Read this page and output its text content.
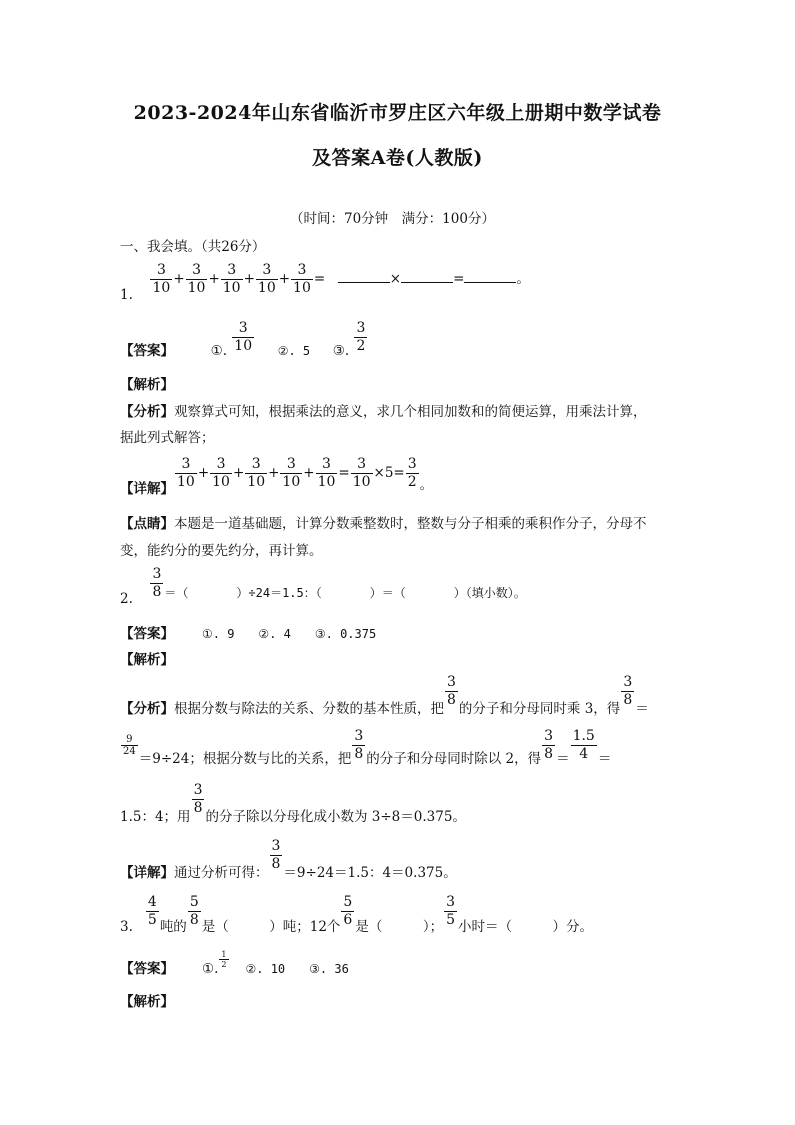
2023-2024年山东省临沂市罗庄区六年级上册期中数学试卷
及答案A卷(人教版)
（时间：70分钟　满分：100分）
一、我会填。（共26分）
1. $\frac{3}{10} + \frac{3}{10} + \frac{3}{10} + \frac{3}{10} + \frac{3}{10}$ =	×	=	。
【答案】	①. $\frac{3}{10}$ ②. 5 ③. $\frac{3}{2}$
【解析】
【分析】观察算式可知，根据乘法的意义，求几个相同加数和的简便运算，用乘法计算，
据此列式解答；
【详解】 $\frac{3}{10} + \frac{3}{10} + \frac{3}{10} + \frac{3}{10} + \frac{3}{10} = \frac{3}{10} \times 5= \frac{3}{2}$ 。
【点睛】本题是一道基础题，计算分数乘整数时，整数与分子相乘的乘积作分子，分母不
变，能约分的要先约分，再计算。
2. $\frac{3}{8}$ ＝（　　　　）÷24＝1.5：（　　　　）＝（　　　　）（填小数）。
【答案】 ①. 9　　②. 4　　③. 0.375
【解析】
【分析】根据分数与除法的关系、分数的基本性质，把 $\frac{3}{8}$ 的分子和分母同时乘 3，得 $\frac{3}{8}$ ＝
$\frac{9}{24}$
＝9÷24；根据分数与比的关系，把 $\frac{3}{8}$ 的分子和分母同时除以 2，得 $\frac{3}{8} = \frac{1.5}{4}$ ＝
1.5：4；用 $\frac{3}{8}$ 的分子除以分母化成小数为 3÷8＝0.375。
【详解】通过分析可得： $\frac{3}{8} =9\div 24=1.5$：4＝0.375。
3. $\frac{4}{5}$ 吨的 $\frac{5}{8}$ 是（　　　）吨；12个 $\frac{5}{6}$ 是（　　　）； $\frac{3}{5}$ 小时＝（　　　）分。
【答案】 ①. $\frac{1}{2}$ ②. 10　　③. 36
【解析】
